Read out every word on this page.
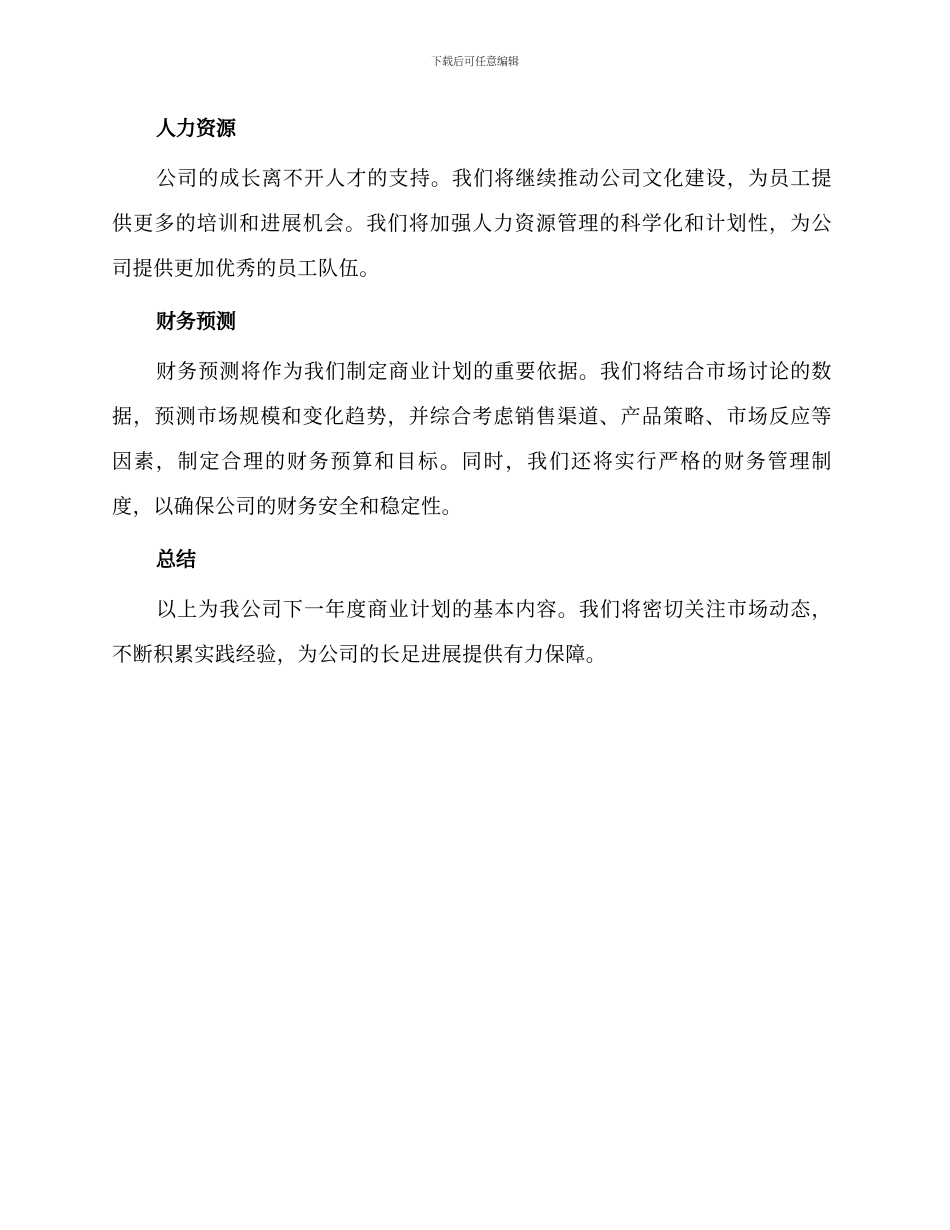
下载后可任意编辑
人力资源

公司的成长离不开人才的支持。我们将继续推动公司文化建设，为员工提供更多的培训和进展机会。我们将加强人力资源管理的科学化和计划性，为公司提供更加优秀的员工队伍。

财务预测

财务预测将作为我们制定商业计划的重要依据。我们将结合市场讨论的数据，预测市场规模和变化趋势，并综合考虑销售渠道、产品策略、市场反应等因素，制定合理的财务预算和目标。同时，我们还将实行严格的财务管理制度，以确保公司的财务安全和稳定性。

总结

以上为我公司下一年度商业计划的基本内容。我们将密切关注市场动态，不断积累实践经验，为公司的长足进展提供有力保障。
